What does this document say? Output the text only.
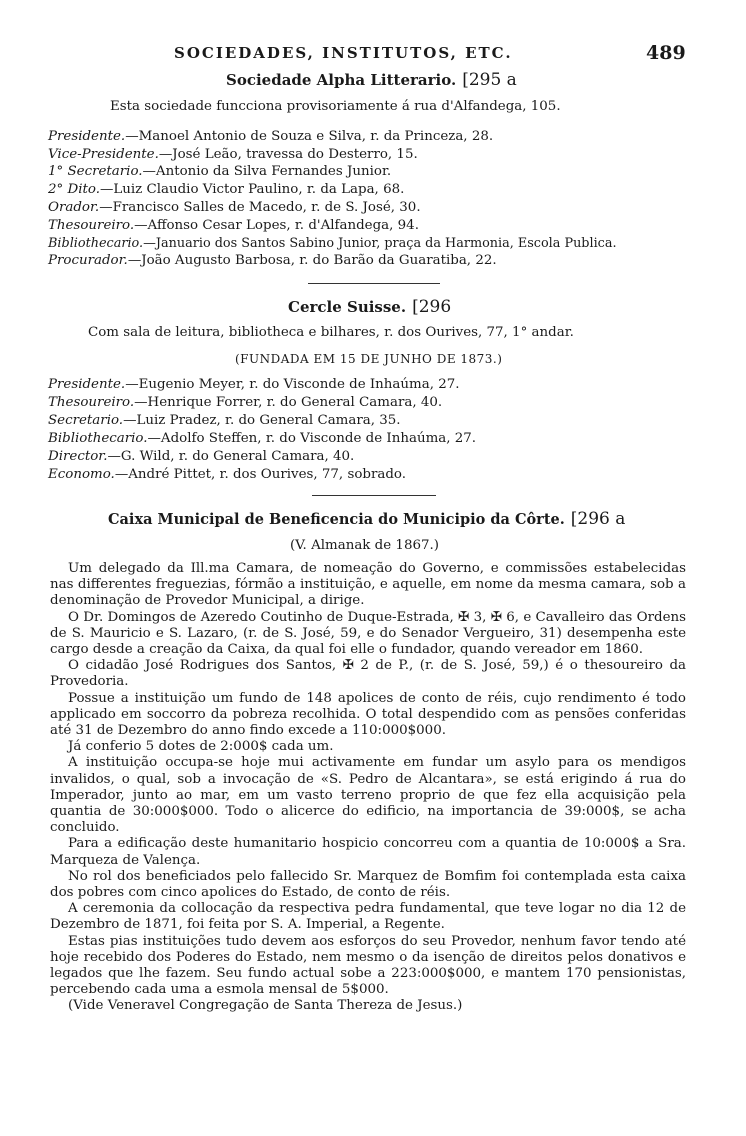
SOCIEDADES, INSTITUTOS, ETC.	489
Sociedade Alpha Litterario. [295 a
Esta sociedade funcciona provisoriamente á rua d'Alfandega, 105.
Presidente.—Manoel Antonio de Souza e Silva, r. da Princeza, 28.
Vice-Presidente.—José Leão, travessa do Desterro, 15.
1° Secretario.—Antonio da Silva Fernandes Junior.
2° Dito.—Luiz Claudio Victor Paulino, r. da Lapa, 68.
Orador.—Francisco Salles de Macedo, r. de S. José, 30.
Thesoureiro.—Affonso Cesar Lopes, r. d'Alfandega, 94.
Bibliothecario.—Januario dos Santos Sabino Junior, praça da Harmonia, Escola Publica.
Procurador.—João Augusto Barbosa, r. do Barão da Guaratiba, 22.
Cercle Suisse. [296
Com sala de leitura, bibliotheca e bilhares, r. dos Ourives, 77, 1° andar.
(FUNDADA EM 15 DE JUNHO DE 1873.)
Presidente.—Eugenio Meyer, r. do Visconde de Inhaúma, 27.
Thesoureiro.—Henrique Forrer, r. do General Camara, 40.
Secretario.—Luiz Pradez, r. do General Camara, 35.
Bibliothecario.—Adolfo Steffen, r. do Visconde de Inhaúma, 27.
Director.—G. Wild, r. do General Camara, 40.
Economo.—André Pittet, r. dos Ourives, 77, sobrado.
Caixa Municipal de Beneficencia do Municipio da Côrte. [296 a
(V. Almanak de 1867.)

Um delegado da Ill.ma Camara, de nomeação do Governo, e commissões estabelecidas nas differentes freguezias, fórmão a instituição, e aquelle, em nome da mesma camara, sob a denominação de Provedor Municipal, a dirige.

O Dr. Domingos de Azeredo Coutinho de Duque-Estrada, ✠ 3, ✠ 6, e Cavalleiro das Ordens de S. Mauricio e S. Lazaro, (r. de S. José, 59, e do Senador Vergueiro, 31) desempenha este cargo desde a creação da Caixa, da qual foi elle o fundador, quando vereador em 1860.

O cidadão José Rodrigues dos Santos, ✠ 2 de P., (r. de S. José, 59,) é o thesoureiro da Provedoria.

Possue a instituição um fundo de 148 apolices de conto de réis, cujo rendimento é todo applicado em soccorro da pobreza recolhida. O total despendido com as pensões conferidas até 31 de Dezembro do anno findo excede a 110:000$000.

Já conferio 5 dotes de 2:000$ cada um.

A instituição occupa-se hoje mui activamente em fundar um asylo para os mendigos invalidos, o qual, sob a invocação de «S. Pedro de Alcantara», se está erigindo á rua do Imperador, junto ao mar, em um vasto terreno proprio de que fez ella acquisição pela quantia de 30:000$000. Todo o alicerce do edificio, na importancia de 39:000$, se acha concluido.

Para a edificação deste humanitario hospicio concorreu com a quantia de 10:000$ a Sra. Marqueza de Valença.

No rol dos beneficiados pelo fallecido Sr. Marquez de Bomfim foi contemplada esta caixa dos pobres com cinco apolices do Estado, de conto de réis.

A ceremonia da collocação da respectiva pedra fundamental, que teve logar no dia 12 de Dezembro de 1871, foi feita por S. A. Imperial, a Regente.

Estas pias instituições tudo devem aos esforços do seu Provedor, nenhum favor tendo até hoje recebido dos Poderes do Estado, nem mesmo o da isenção de direitos pelos donativos e legados que lhe fazem. Seu fundo actual sobe a 223:000$000, e mantem 170 pensionistas, percebendo cada uma a esmola mensal de 5$000.

(Vide Veneravel Congregação de Santa Thereza de Jesus.)
